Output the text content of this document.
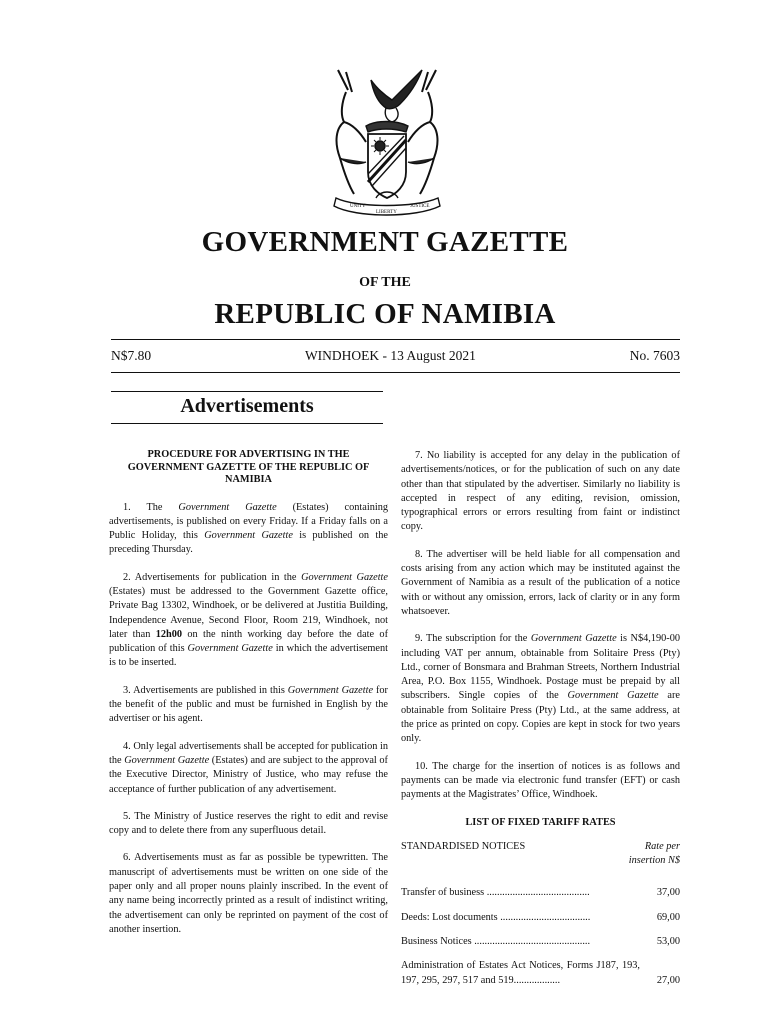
UNITY
LIBERTY
JUSTICE
GOVERNMENT GAZETTE
OF THE
REPUBLIC OF NAMIBIA
N$7.80	WINDHOEK - 13 August 2021	No. 7603
Advertisements
PROCEDURE FOR ADVERTISING IN THE GOVERNMENT GAZETTE OF THE REPUBLIC OF NAMIBIA

1. The Government Gazette (Estates) containing advertisements, is published on every Friday. If a Friday falls on a Public Holiday, this Government Gazette is published on the preceding Thursday.

2. Advertisements for publication in the Government Gazette (Estates) must be addressed to the Government Gazette office, Private Bag 13302, Windhoek, or be delivered at Justitia Building, Independence Avenue, Second Floor, Room 219, Windhoek, not later than 12h00 on the ninth working day before the date of publication of this Government Gazette in which the advertisement is to be inserted.

3. Advertisements are published in this Government Gazette for the benefit of the public and must be furnished in English by the advertiser or his agent.

4. Only legal advertisements shall be accepted for publication in the Government Gazette (Estates) and are subject to the approval of the Executive Director, Ministry of Justice, who may refuse the acceptance of further publication of any advertisement.

5. The Ministry of Justice reserves the right to edit and revise copy and to delete there from any superfluous detail.

6. Advertisements must as far as possible be typewritten. The manuscript of advertisements must be written on one side of the paper only and all proper nouns plainly inscribed. In the event of any name being incorrectly printed as a result of indistinct writing, the advertisement can only be reprinted on payment of the cost of another insertion.

7. No liability is accepted for any delay in the publication of advertisements/notices, or for the publication of such on any date other than that stipulated by the advertiser. Similarly no liability is accepted in respect of any editing, revision, omission, typographical errors or errors resulting from faint or indistinct copy.

8. The advertiser will be held liable for all compensation and costs arising from any action which may be instituted against the Government of Namibia as a result of the publication of a notice with or without any omission, errors, lack of clarity or in any form whatsoever.

9. The subscription for the Government Gazette is N$4,190-00 including VAT per annum, obtainable from Solitaire Press (Pty) Ltd., corner of Bonsmara and Brahman Streets, Northern Industrial Area, P.O. Box 1155, Windhoek. Postage must be prepaid by all subscribers. Single copies of the Government Gazette are obtainable from Solitaire Press (Pty) Ltd., at the same address, at the price as printed on copy. Copies are kept in stock for two years only.

10. The charge for the insertion of notices is as follows and payments can be made via electronic fund transfer (EFT) or cash payments at the Magistrates’ Office, Windhoek.

LIST OF FIXED TARIFF RATES
STANDARDISED NOTICES	Rate per
insertion N$
Transfer of business ........................................	37,00
Deeds: Lost documents ...................................	69,00
Business Notices .............................................	53,00
Administration of Estates Act Notices, Forms J187, 193, 197, 295, 297, 517 and 519..................	27,00
